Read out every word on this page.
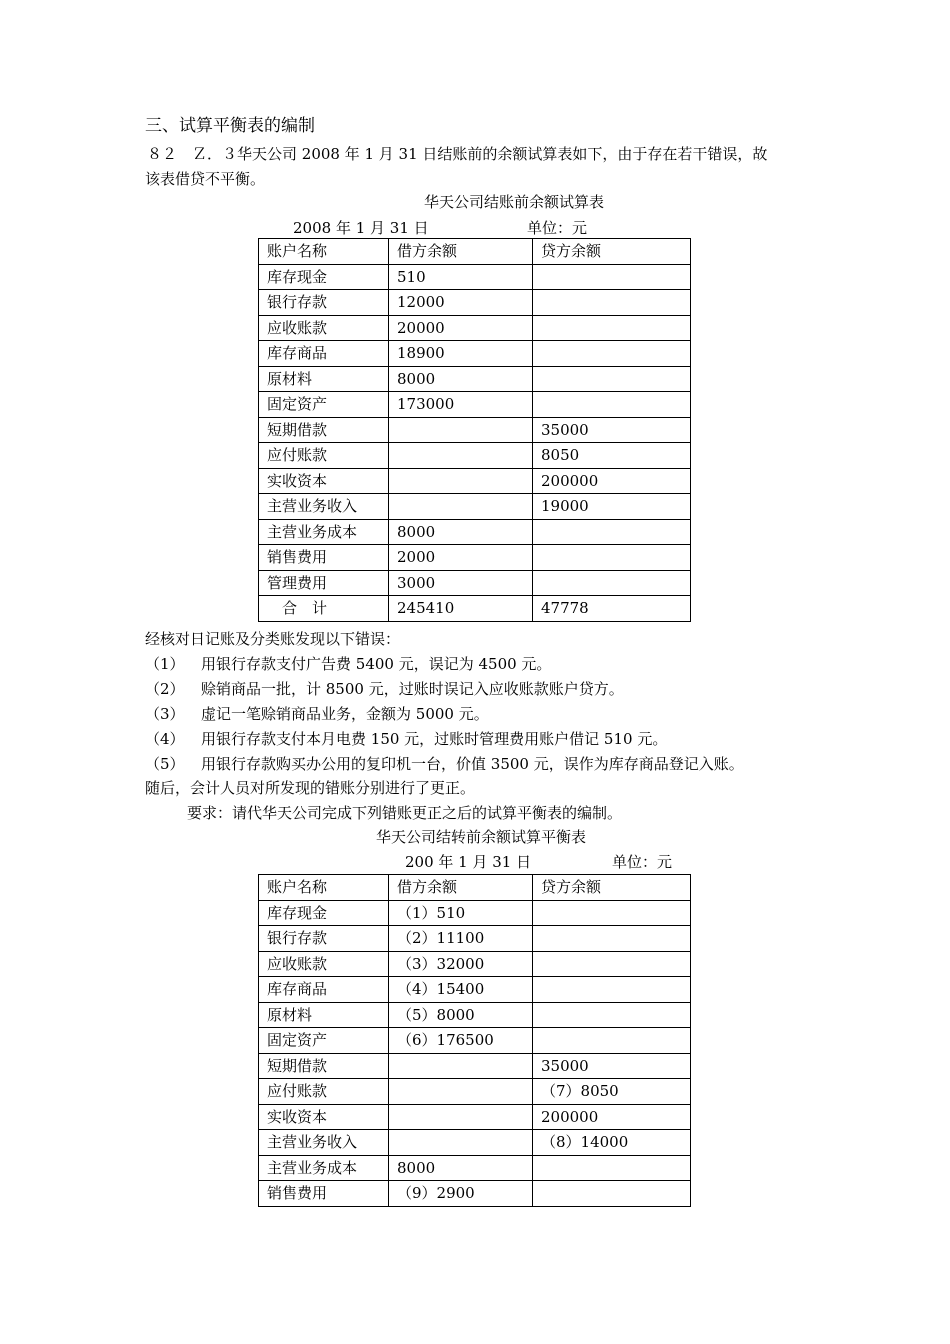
三、试算平衡表的编制
８２　Ｚ．３华天公司 2008 年 1 月 31 日结账前的余额试算表如下，由于存在若干错误，故
该表借贷不平衡。
华天公司结账前余额试算表
2008 年 1 月 31 日	单位：元
账户名称	借方余额	贷方余额
库存现金	510	
银行存款	12000	
应收账款	20000	
库存商品	18900	
原材料	8000	
固定资产	173000	
短期借款		35000
应付账款		8050
实收资本		200000
主营业务收入		19000
主营业务成本	8000	
销售费用	2000	
管理费用	3000	
　合　计	245410	47778
经核对日记账及分类账发现以下错误：
（1） 用银行存款支付广告费 5400 元，误记为 4500 元。
（2） 赊销商品一批，计 8500 元，过账时误记入应收账款账户贷方。
（3） 虚记一笔赊销商品业务，金额为 5000 元。
（4） 用银行存款支付本月电费 150 元，过账时管理费用账户借记 510 元。
（5） 用银行存款购买办公用的复印机一台，价值 3500 元，误作为库存商品登记入账。
随后，会计人员对所发现的错账分别进行了更正。
要求：请代华天公司完成下列错账更正之后的试算平衡表的编制。
华天公司结转前余额试算平衡表
200 年 1 月 31 日	单位：元
账户名称	借方余额	贷方余额
库存现金	（1）510	
银行存款	（2）11100	
应收账款	（3）32000	
库存商品	（4）15400	
原材料	（5）8000	
固定资产	（6）176500	
短期借款		35000
应付账款		（7）8050
实收资本		200000
主营业务收入		（8）14000
主营业务成本	8000	
销售费用	（9）2900	
